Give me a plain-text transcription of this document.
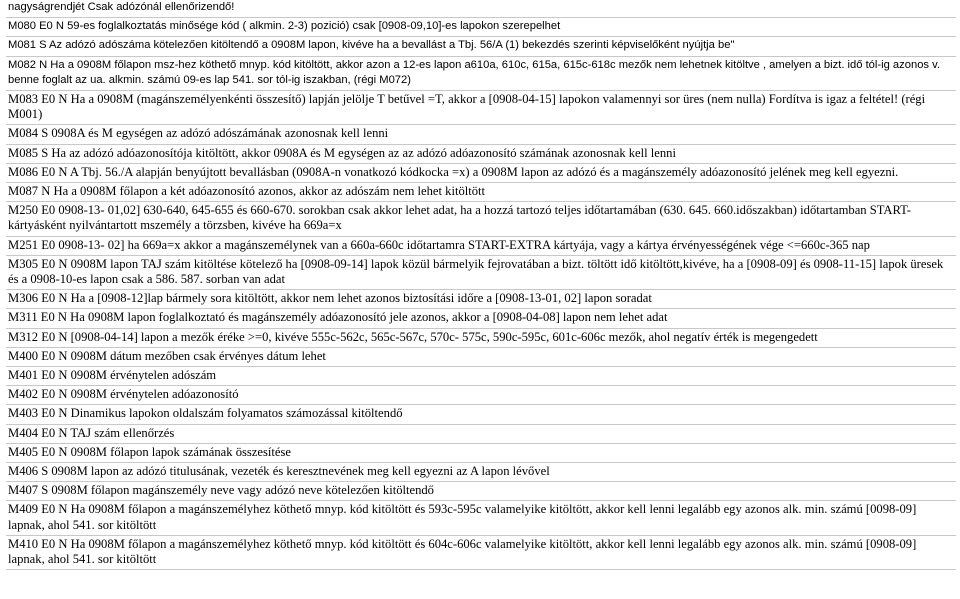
nagyságrendjét Csak adózónál ellenőrizendő!
M080 E0 N 59-es foglalkoztatás minősége kód ( alkmin. 2-3) pozició) csak [0908-09,10]-es lapokon szerepelhet
M081 S Az adózó adószáma kötelezően kitöltendő a 0908M lapon, kivéve ha a bevallást a Tbj. 56/A (1) bekezdés szerinti képviselőként nyújtja be"
M082 N Ha a 0908M főlapon msz-hez köthető mnyp. kód kitöltött, akkor azon a 12-es lapon a610a, 610c, 615a, 615c-618c mezők nem lehetnek kitöltve , amelyen a bizt. idő tól-ig azonos v. benne foglalt az ua. alkmin. számú 09-es lap 541. sor tól-ig iszakban, (régi M072)
M083 E0 N Ha a 0908M (magánszemélyenkénti összesítő) lapján jelölje T betűvel =T, akkor a [0908-04-15] lapokon valamennyi sor üres (nem nulla) Fordítva is igaz a feltétel! (régi M001)
M084 S 0908A és M egységen az adózó adószámának azonosnak kell lenni
M085 S Ha az adózó adóazonosítója kitöltött, akkor 0908A és M egységen az az adózó adóazonosító számának azonosnak kell lenni
M086 E0 N A Tbj. 56./A alapján benyújtott bevallásban (0908A-n vonatkozó kódkocka =x) a 0908M lapon az adózó és a magánszemély adóazonosító jelének meg kell egyezni.
M087 N Ha a 0908M főlapon a két adóazonosító azonos, akkor az adószám nem lehet kitöltött
M250 E0 0908-13- 01,02] 630-640, 645-655 és 660-670. sorokban csak akkor lehet adat, ha a hozzá tartozó teljes időtartamában (630. 645. 660.időszakban) időtartamban START-kártyásként nyilvántartott mszemély a törzsben, kivéve ha 669a=x
M251 E0 0908-13- 02] ha 669a=x akkor a magánszemélynek van a 660a-660c időtartamra START-EXTRA kártyája, vagy a kártya érvényességének vége <=660c-365 nap
M305 E0 N 0908M lapon TAJ szám kitöltése kötelező ha [0908-09-14] lapok közül bármelyik fejrovatában a bizt. töltött idő kitöltött,kivéve, ha a [0908-09] és 0908-11-15] lapok üresek és a 0908-10-es lapon csak a 586. 587. sorban van adat
M306 E0 N Ha a [0908-12]lap bármely sora kitöltött, akkor nem lehet azonos biztosítási időre a [0908-13-01, 02] lapon soradat
M311 E0 N Ha 0908M lapon foglalkoztató és magánszemély adóazonosító jele azonos, akkor a [0908-04-08] lapon nem lehet adat
M312 E0 N [0908-04-14] lapon a mezők éréke >=0, kivéve 555c-562c, 565c-567c, 570c- 575c, 590c-595c, 601c-606c mezők, ahol negatív érték is megengedett
M400 E0 N 0908M dátum mezőben csak érvényes dátum lehet
M401 E0 N 0908M érvénytelen adószám
M402 E0 N 0908M érvénytelen adóazonosító
M403 E0 N Dinamikus lapokon oldalszám folyamatos számozással kitöltendő
M404 E0 N TAJ szám ellenőrzés
M405 E0 N 0908M főlapon lapok számának összesítése
M406 S 0908M lapon az adózó titulusának, vezeték és keresztnevének meg kell egyezni az A lapon lévővel
M407 S 0908M főlapon magánszemély neve vagy adózó neve kötelezően kitöltendő
M409 E0 N Ha 0908M főlapon a magánszemélyhez köthető mnyp. kód kitöltött és 593c-595c valamelyike kitöltött, akkor kell lenni legalább egy azonos alk. min. számú [0098-09] lapnak, ahol 541. sor kitöltött
M410 E0 N Ha 0908M főlapon a magánszemélyhez köthető mnyp. kód kitöltött és 604c-606c valamelyike kitöltött, akkor kell lenni legalább egy azonos alk. min. számú [0908-09] lapnak, ahol 541. sor kitöltött
